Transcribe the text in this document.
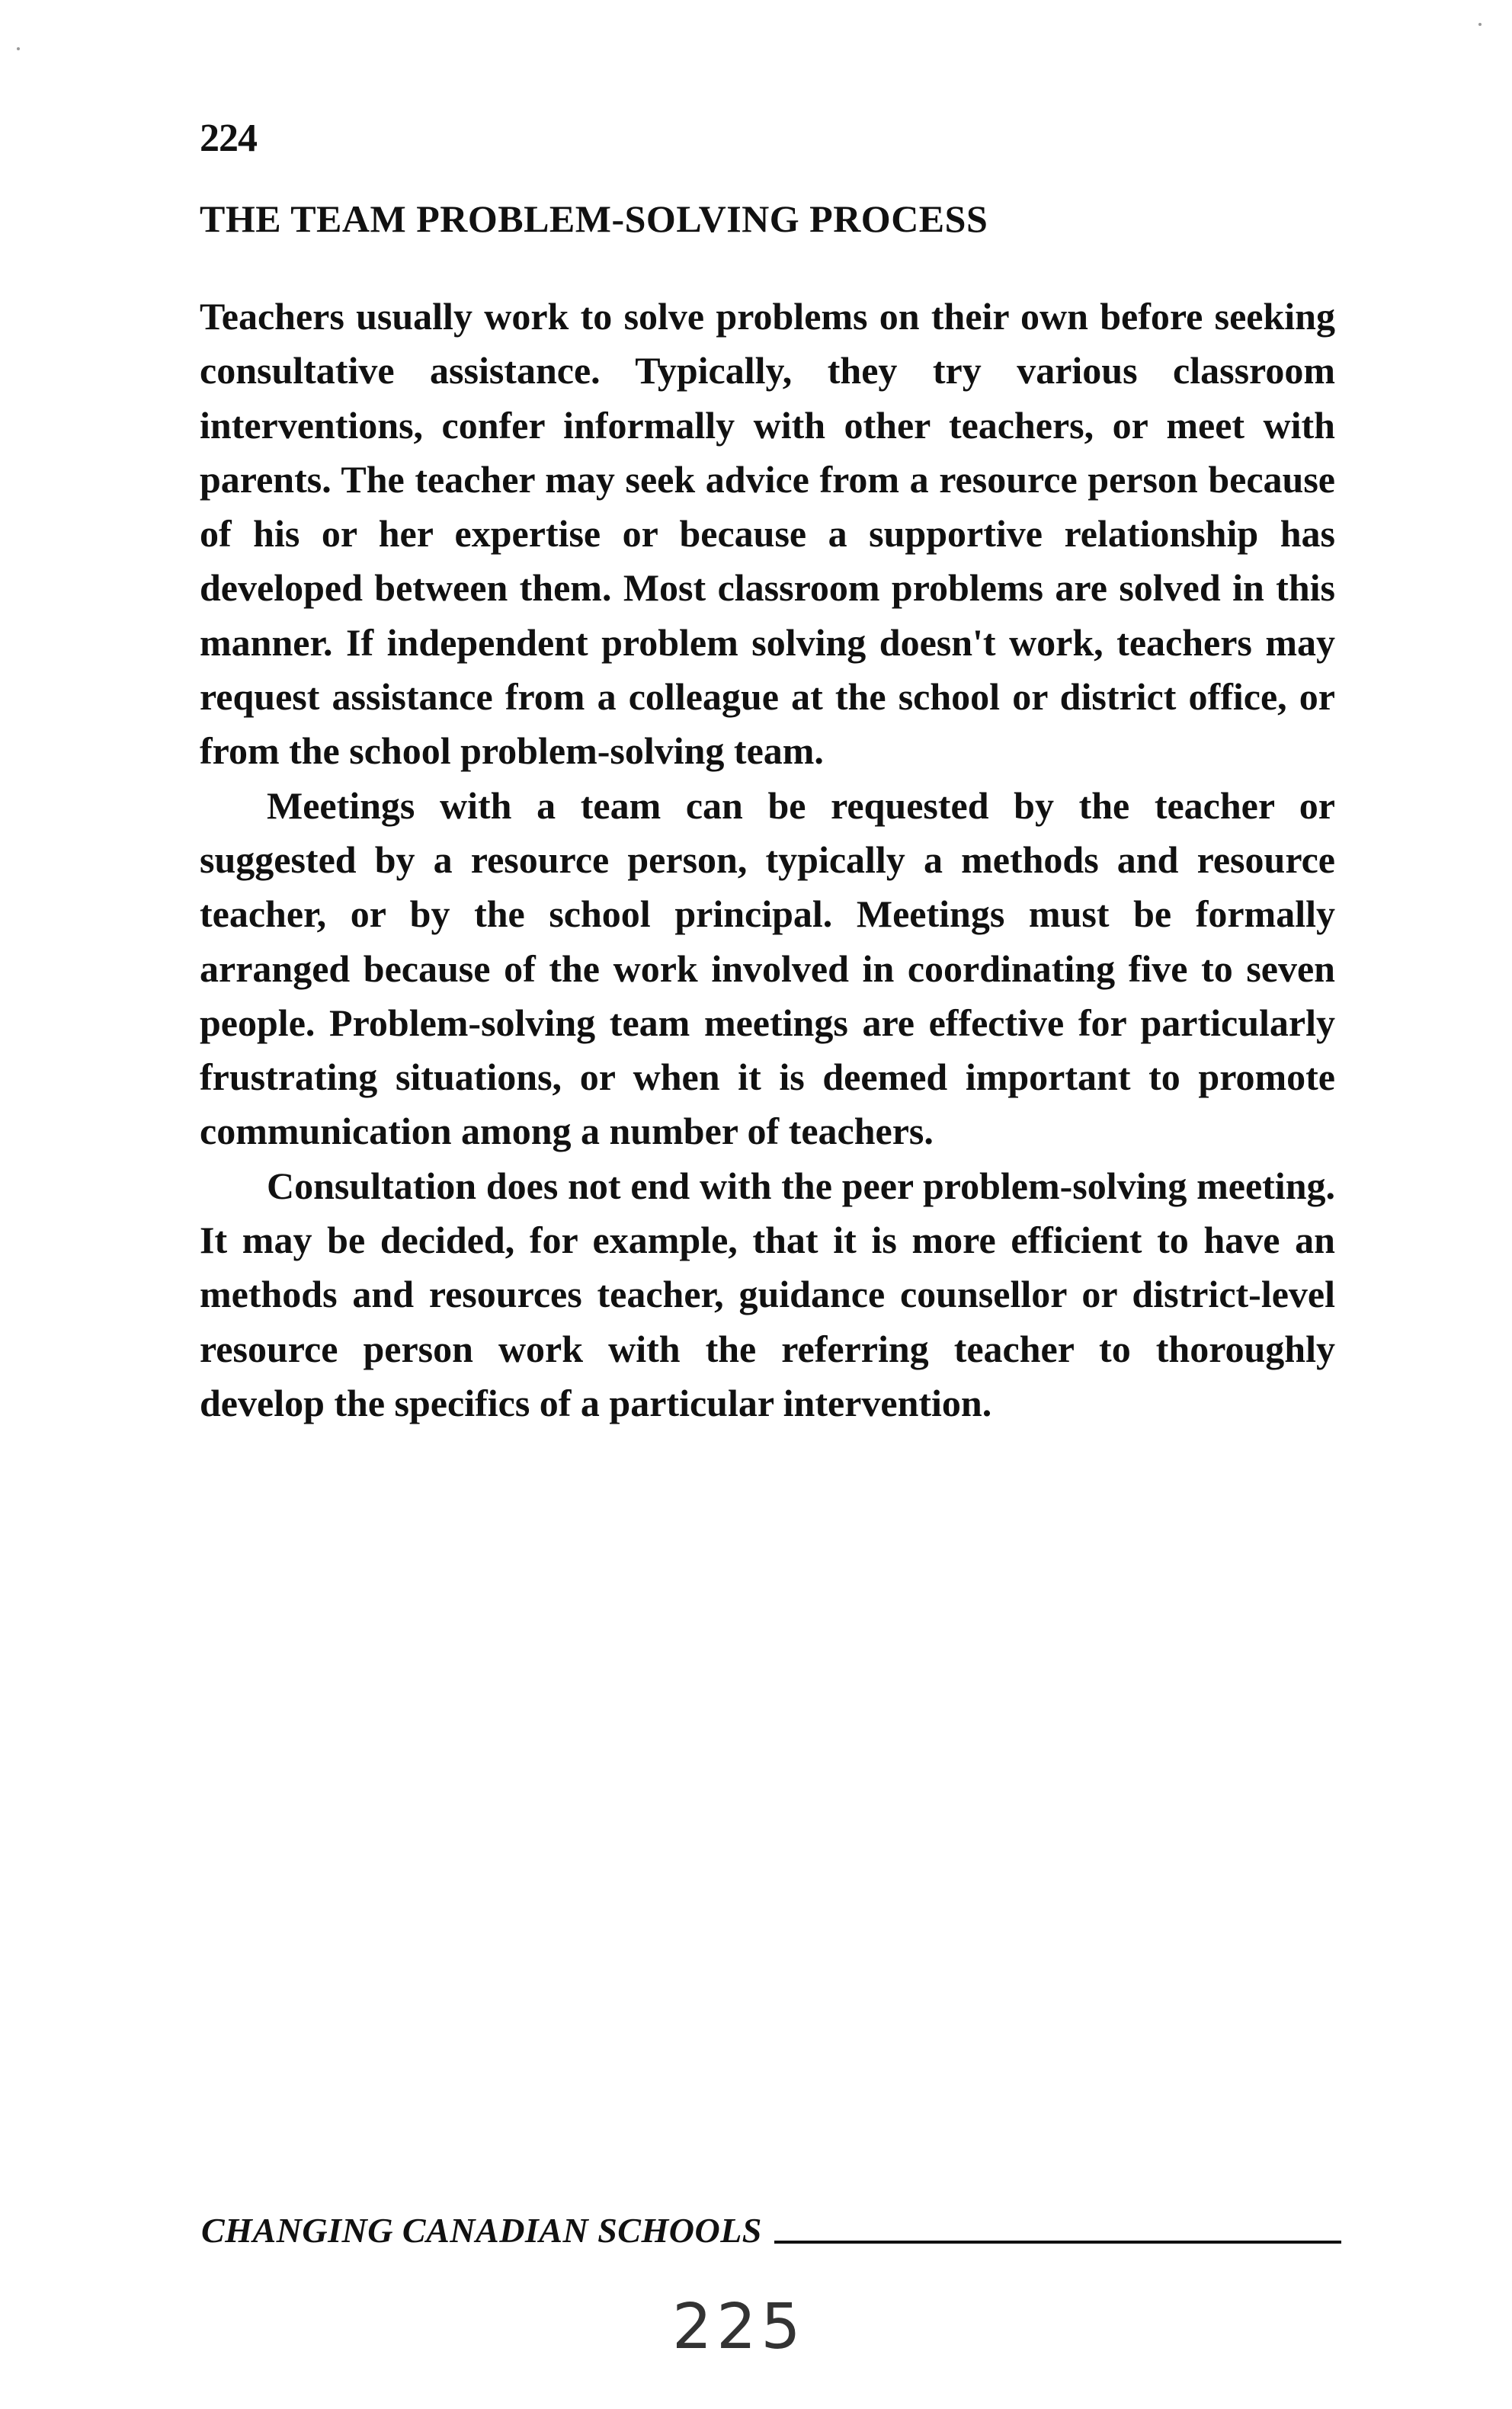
224
THE TEAM PROBLEM-SOLVING PROCESS

Teachers usually work to solve problems on their own before seeking consultative assistance. Typically, they try various classroom interventions, confer informally with other teachers, or meet with parents. The teacher may seek advice from a resource person because of his or her expertise or because a supportive relationship has developed between them. Most classroom problems are solved in this manner. If independent problem solving doesn't work, teachers may request assistance from a colleague at the school or district office, or from the school problem-solving team.

Meetings with a team can be requested by the teacher or suggested by a resource person, typically a methods and resource teacher, or by the school principal. Meetings must be formally arranged because of the work involved in coordinating five to seven people. Problem-solving team meetings are effective for particularly frustrating situations, or when it is deemed important to promote communication among a number of teachers.

Consultation does not end with the peer problem-solving meeting. It may be decided, for example, that it is more efficient to have an methods and resources teacher, guidance counsellor or district-level resource person work with the referring teacher to thoroughly develop the specifics of a particular intervention.

CHANGING CANADIAN SCHOOLS
225
